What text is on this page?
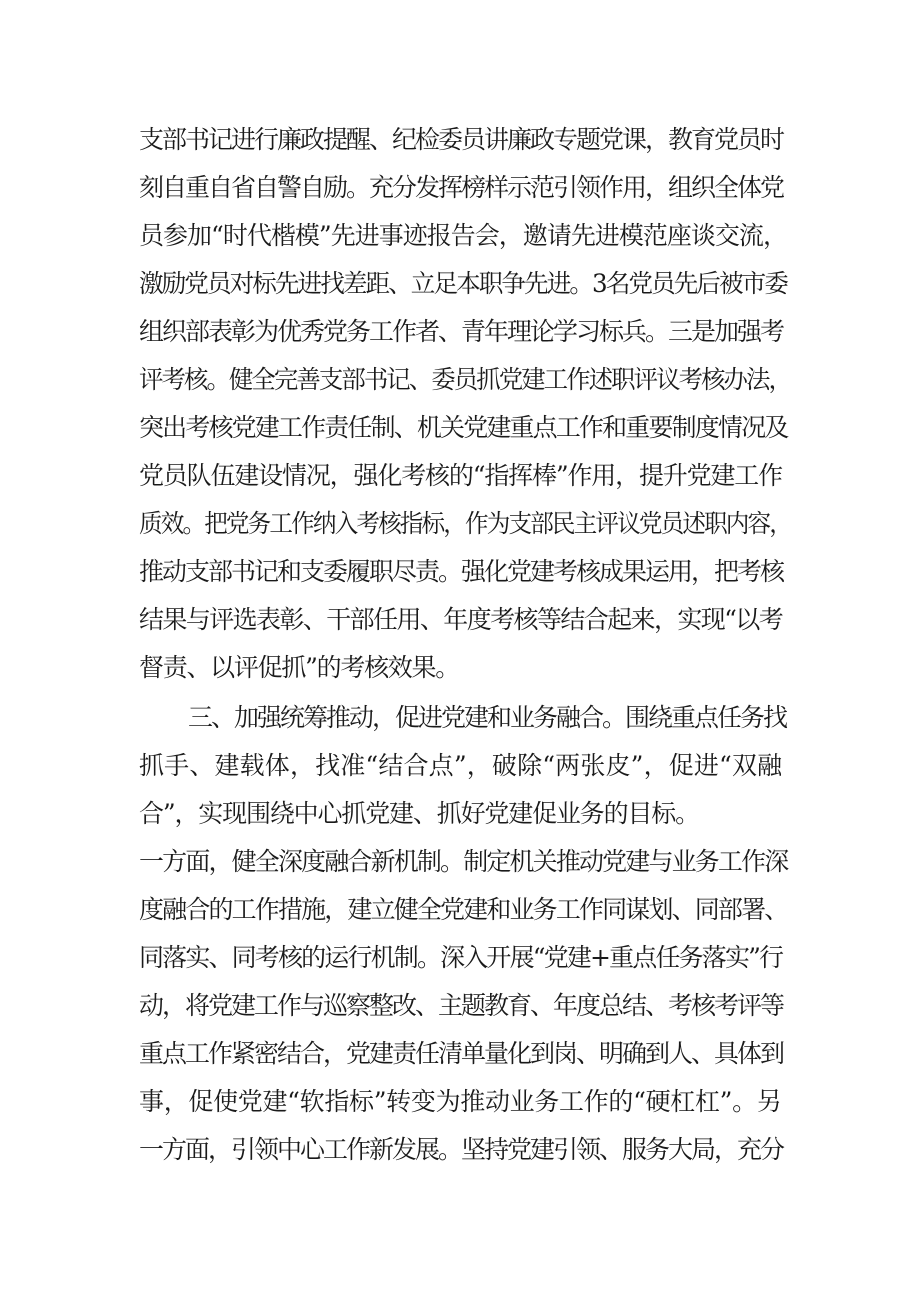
支部书记进行廉政提醒、纪检委员讲廉政专题党课，教育党员时
刻自重自省自警自励。充分发挥榜样示范引领作用，组织全体党
员参加“时代楷模”先进事迹报告会，邀请先进模范座谈交流，
激励党员对标先进找差距、立足本职争先进。3名党员先后被市委
组织部表彰为优秀党务工作者、青年理论学习标兵。三是加强考
评考核。健全完善支部书记、委员抓党建工作述职评议考核办法，
突出考核党建工作责任制、机关党建重点工作和重要制度情况及
党员队伍建设情况，强化考核的“指挥棒”作用，提升党建工作
质效。把党务工作纳入考核指标，作为支部民主评议党员述职内容，
推动支部书记和支委履职尽责。强化党建考核成果运用，把考核
结果与评选表彰、干部任用、年度考核等结合起来，实现“以考
督责、以评促抓”的考核效果。
三、加强统筹推动，促进党建和业务融合。围绕重点任务找
抓手、建载体，找准“结合点”，破除“两张皮”，促进“双融
合”，实现围绕中心抓党建、抓好党建促业务的目标。
一方面，健全深度融合新机制。制定机关推动党建与业务工作深
度融合的工作措施，建立健全党建和业务工作同谋划、同部署、
同落实、同考核的运行机制。深入开展“党建+重点任务落实”行
动，将党建工作与巡察整改、主题教育、年度总结、考核考评等
重点工作紧密结合，党建责任清单量化到岗、明确到人、具体到
事，促使党建“软指标”转变为推动业务工作的“硬杠杠”。另
一方面，引领中心工作新发展。坚持党建引领、服务大局，充分
